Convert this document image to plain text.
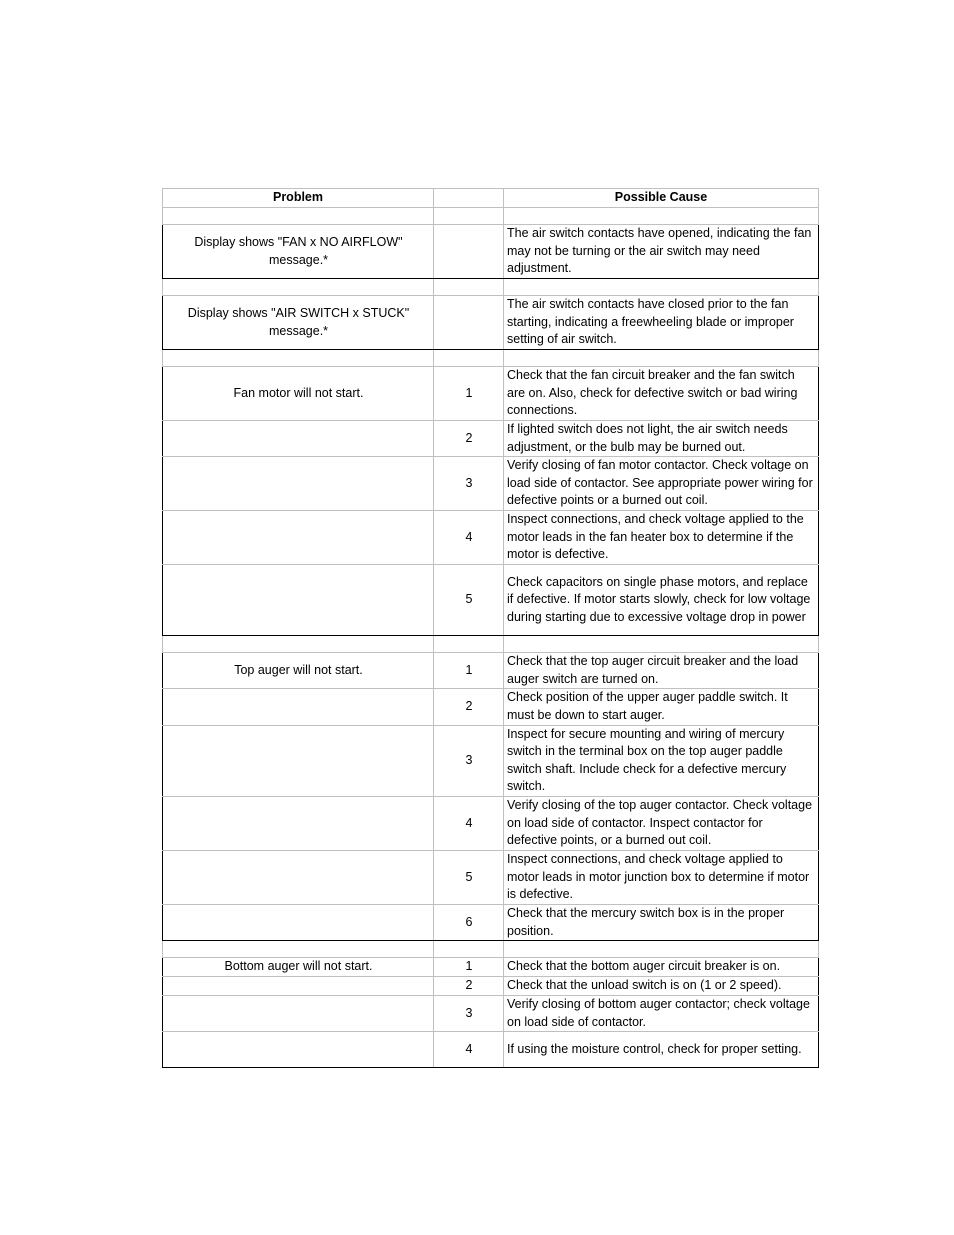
Problem		Possible Cause

Display shows "FAN x NO AIRFLOW" message.*		The air switch contacts have opened, indicating the fan may not be turning or the air switch may need adjustment.

Display shows "AIR SWITCH x STUCK" message.*		The air switch contacts have closed prior to the fan starting, indicating a freewheeling blade or improper setting of air switch.

Fan motor will not start.	1	Check that the fan circuit breaker and the fan switch are on. Also, check for defective switch or bad wiring connections.
	2	If lighted switch does not light, the air switch needs adjustment, or the bulb may be burned out.
	3	Verify closing of fan motor contactor. Check voltage on load side of contactor. See appropriate power wiring for defective points or a burned out coil.
	4	Inspect connections, and check voltage applied to the motor leads in the fan heater box to determine if the motor is defective.
	5	Check capacitors on single phase motors, and replace if defective. If motor starts slowly, check for low voltage during starting due to excessive voltage drop in power

Top auger will not start.	1	Check that the top auger circuit breaker and the load auger switch are turned on.
	2	Check position of the upper auger paddle switch. It must be down to start auger.
	3	Inspect for secure mounting and wiring of mercury switch in the terminal box on the top auger paddle switch shaft. Include check for a defective mercury switch.
	4	Verify closing of the top auger contactor. Check voltage on load side of contactor. Inspect contactor for defective points, or a burned out coil.
	5	Inspect connections, and check voltage applied to motor leads in motor junction box to determine if motor is defective.
	6	Check that the mercury switch box is in the proper position.

Bottom auger will not start.	1	Check that the bottom auger circuit breaker is on.
	2	Check that the unload switch is on (1 or 2 speed).
	3	Verify closing of bottom auger contactor; check voltage on load side of contactor.
	4	If using the moisture control, check for proper setting.
